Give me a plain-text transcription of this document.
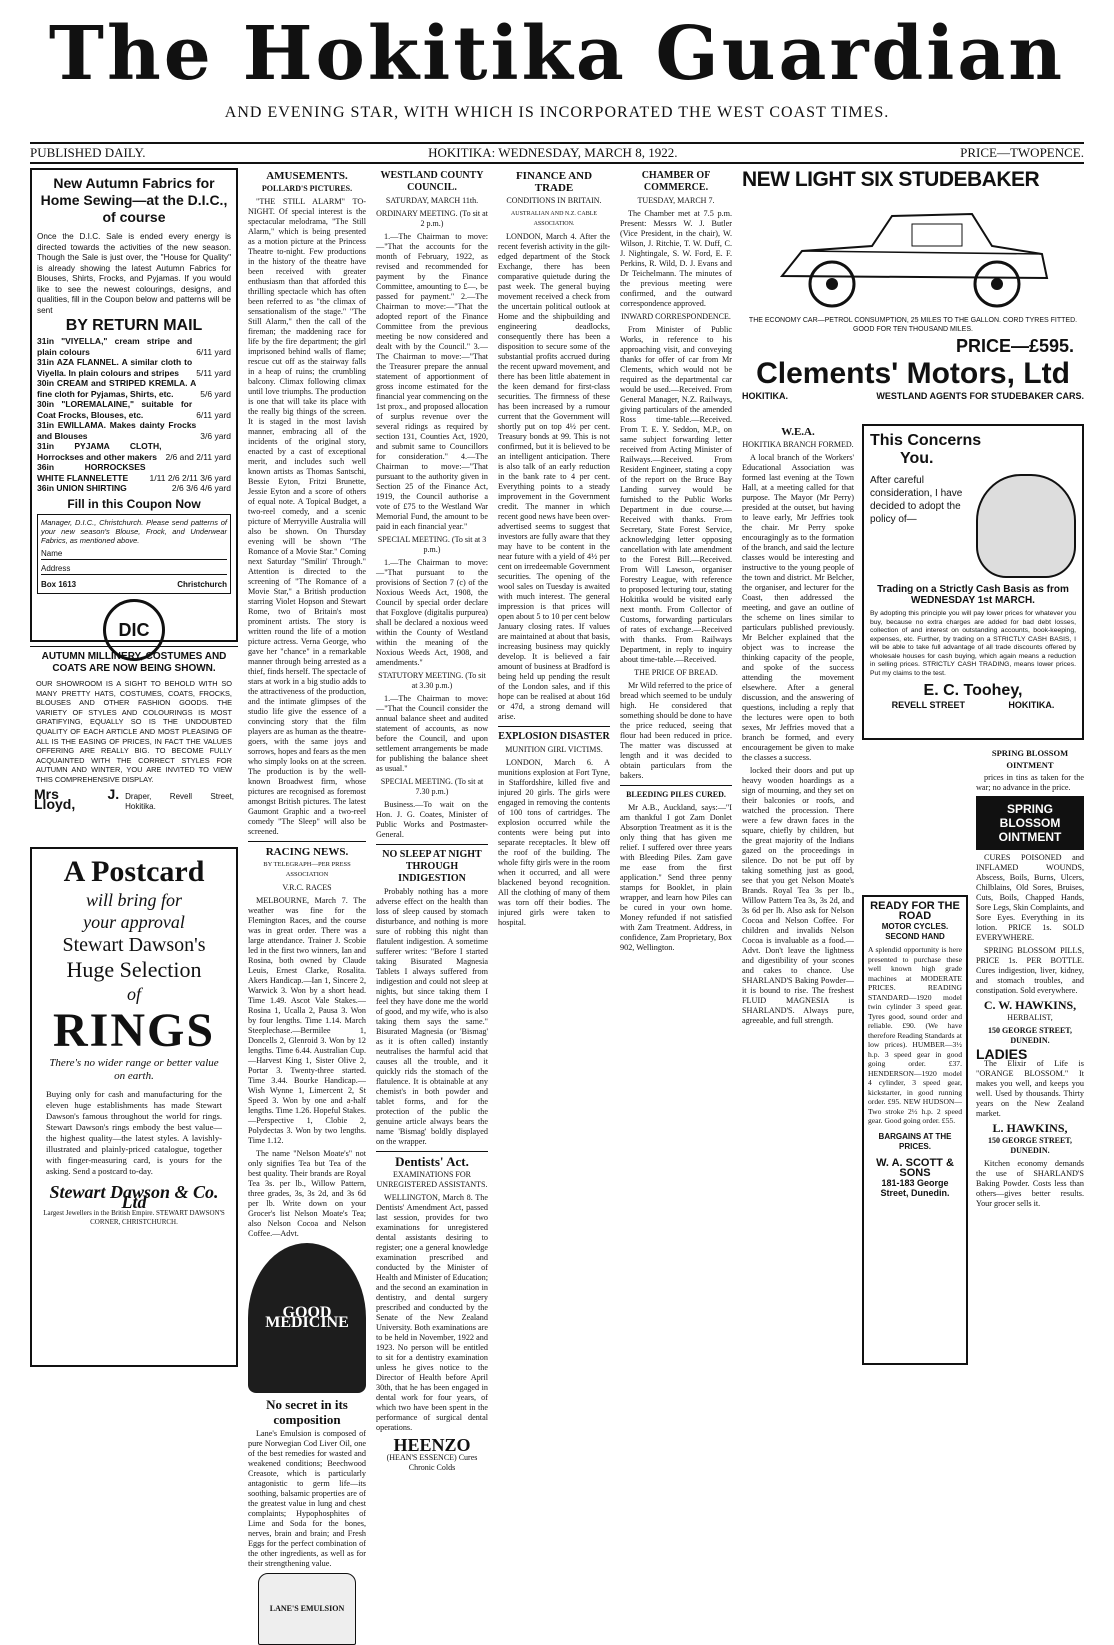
The Hokitika Guardian
AND EVENING STAR, WITH WHICH IS INCORPORATED THE WEST COAST TIMES.
PUBLISHED DAILY.	HOKITIKA: WEDNESDAY, MARCH 8, 1922.	PRICE—TWOPENCE.
New Autumn Fabrics for Home Sewing—at the D.I.C., of course
Once the D.I.C. Sale is ended every energy is directed towards the activities of the new season. Though the Sale is just over, the "House for Quality" is already showing the latest Autumn Fabrics for Blouses, Shirts, Frocks, and Pyjamas. If you would like to see the newest colourings, designs, and qualities, fill in the Coupon below and patterns will be sent
BY RETURN MAIL
31in "VIYELLA," cream stripe and plain colours	6/11 yard
31in AZA FLANNEL. A similar cloth to Viyella. In plain colours and stripes	5/11 yard
30in CREAM and STRIPED KREMLA. A fine cloth for Pyjamas, Shirts, etc.	5/6 yard
30in "LOREMALAINE," suitable for Coat Frocks, Blouses, etc.	6/11 yard
31in EWILLAMA. Makes dainty Frocks and Blouses	3/6 yard
31in PYJAMA CLOTH, Horrockses and other makers 2/6 and 2/11 yard
36in HORROCKSES WHITE FLANNELETTE	1/11 2/6 2/11 3/6 yard
36in UNION SHIRTING	2/6 3/6 4/6 yard
Fill in this Coupon Now
Manager, D.I.C., Christchurch. Please send patterns of your new season's Blouse, Frock, and Underwear Fabrics, as mentioned above.
Name
Address
Box 1613	Christchurch
DIC
AUTUMN MILLINERY, COSTUMES AND COATS ARE NOW BEING SHOWN.
OUR SHOWROOM IS A SIGHT TO BEHOLD WITH SO MANY PRETTY HATS, COSTUMES, COATS, FROCKS, BLOUSES AND OTHER FASHION GOODS. THE VARIETY OF STYLES AND COLOURINGS IS MOST GRATIFYING, EQUALLY SO IS THE UNDOUBTED QUALITY OF EACH ARTICLE AND MOST PLEASING OF ALL IS THE EASING OF PRICES, IN FACT THE VALUES OFFERING ARE REALLY BIG. TO BECOME FULLY ACQUAINTED WITH THE CORRECT STYLES FOR AUTUMN AND WINTER, YOU ARE INVITED TO VIEW THIS COMPREHENSIVE DISPLAY.
Mrs J. Lloyd,	Draper, Revell Street, Hokitika.
A Postcard
will bring for
your approval
Stewart Dawson's
Huge Selection
of
RINGS
There's no wider range or better value on earth.
Buying only for cash and manufacturing for the eleven huge establishments has made Stewart Dawson's famous throughout the world for rings. Stewart Dawson's rings embody the best value—the highest quality—the latest styles. A lavishly-illustrated and plainly-priced catalogue, together with finger-measuring card, is yours for the asking. Send a postcard to-day.
Stewart Dawson & Co. Ltd
Largest Jewellers in the British Empire. STEWART DAWSON'S CORNER, CHRISTCHURCH.
AMUSEMENTS.
POLLARD'S PICTURES.

"THE STILL ALARM" TO-NIGHT. Of special interest is the spectacular melodrama, "The Still Alarm," which is being presented as a motion picture at the Princess Theatre to-night. Few productions in the history of the theatre have been received with greater enthusiasm than that afforded this thrilling spectacle which has often been referred to as "the climax of sensationalism of the stage." "The Still Alarm," then the call of the fireman; the maddening race for life by the fire department; the girl imprisoned behind walls of flame; rescue cut off as the stairway falls in a heap of ruins; the crumbling balcony. Climax following climax until love triumphs. The production is one that will take its place with the really big things of the screen. It is staged in the most lavish manner, embracing all of the incidents of the original story, enacted by a cast of exceptional merit, and includes such well known artists as Thomas Santschi, Bessie Eyton, Fritzi Brunette, Jessie Eyton and a score of others of equal note. A Topical Budget, a two-reel comedy, and a scenic picture of Merryville Australia will also be shown. On Thursday evening will be shown "The Romance of a Movie Star." Coming next Saturday "Smilin' Through." Attention is directed to the screening of "The Romance of a Movie Star," a British production starring Violet Hopson and Stewart Rome, two of Britain's most prominent artists. The story is written round the life of a motion picture actress. Verna George, who gave her "chance" in a remarkable manner through being arrested as a thief, finds herself. The spectacle of stars at work in a big studio adds to the attractiveness of the production, and the intimate glimpses of the studio life give the essence of a convincing story that the film players are as human as the theatre-goers, with the same joys and sorrows, hopes and fears as the men who simply looks on at the screen. The production is by the well-known Broadwest firm, whose pictures are recognised as foremost amongst British pictures. The latest Gaumont Graphic and a two-reel comedy "The Sleep" will also be screened.

RACING NEWS.
BY TELEGRAPH—PER PRESS ASSOCIATION
V.R.C. RACES

MELBOURNE, March 7. The weather was fine for the Flemington Races, and the course was in great order. There was a large attendance. Trainer J. Scobie led in the first two winners, Ian and Rosina, both owned by Claude Leuis, Ernest Clarke, Rosalita. Akers Handicap.—Ian 1, Sincere 2, Warwick 3. Won by a short head. Time 1.49. Ascot Vale Stakes.—Rosina 1, Ucalla 2, Pausa 3. Won by four lengths. Time 1.14. March Steeplechase.—Bermilee 1, Doncells 2, Glenroid 3. Won by 12 lengths. Time 6.44. Australian Cup.—Harvest King 1, Sister Olive 2, Portar 3. Twenty-three started. Time 3.44. Bourke Handicap.—Wish Wynne 1, Limercent 2, St Speed 3. Won by one and a-half lengths. Time 1.26. Hopeful Stakes.—Perspective 1, Clobie 2, Polydectas 3. Won by two lengths. Time 1.12.

The name "Nelson Moate's" not only signifies Tea but Tea of the best quality. Their brands are Royal Tea 3s. per lb., Willow Pattern, three grades, 3s, 3s 2d, and 3s 6d per lb. Write down on your Grocer's list Nelson Moate's Tea; also Nelson Cocoa and Nelson Coffee.—Advt.

GOOD MEDICINE
No secret in its composition

Lane's Emulsion is composed of pure Norwegian Cod Liver Oil, one of the best remedies for wasted and weakened conditions; Beechwood Creasote, which is particularly antagonistic to germ life—its soothing, balsamic properties are of the greatest value in lung and chest complaints; Hypophosphites of Lime and Soda for the bones, nerves, brain and brain; and Fresh Eggs for the perfect combination of the other ingredients, as well as for their strengthening value.

LANE'S EMULSION
WESTLAND COUNTY COUNCIL.
SATURDAY, MARCH 11th.
ORDINARY MEETING. (To sit at 2 p.m.)

1.—The Chairman to move:—"That the accounts for the month of February, 1922, as revised and recommended for payment by the Finance Committee, amounting to £—, be passed for payment." 2.—The Chairman to move:—"That the adopted report of the Finance Committee from the previous meeting be now considered and dealt with by the Council." 3.—The Chairman to move:—"That the Treasurer prepare the annual statement of apportionment of gross income estimated for the financial year commencing on the 1st prox., and proposed allocation of surplus revenue over the several ridings as required by section 131, Counties Act, 1920, and submit same to Councillors for consideration." 4.—The Chairman to move:—"That pursuant to the authority given in Section 25 of the Finance Act, 1919, the Council authorise a vote of £75 to the Westland War Memorial Fund, the amount to be paid in each financial year."

SPECIAL MEETING. (To sit at 3 p.m.)

1.—The Chairman to move:—"That pursuant to the provisions of Section 7 (c) of the Noxious Weeds Act, 1908, the Council by special order declare that Foxglove (digitalis purpurea) shall be declared a noxious weed within the County of Westland within the meaning of the Noxious Weeds Act, 1908, and amendments."

STATUTORY MEETING. (To sit at 3.30 p.m.)

1.—The Chairman to move:—"That the Council consider the annual balance sheet and audited statement of accounts, as now before the Council, and upon settlement arrangements be made for publishing the balance sheet as usual."

SPECIAL MEETING. (To sit at 7.30 p.m.)

Business.—To wait on the Hon. J. G. Coates, Minister of Public Works and Postmaster-General.

NO SLEEP AT NIGHT THROUGH INDIGESTION

Probably nothing has a more adverse effect on the health than loss of sleep caused by stomach disturbance, and nothing is more sure of robbing this night than flatulent indigestion. A sometime sufferer writes: "Before I started taking Bisurated Magnesia Tablets I always suffered from indigestion and could not sleep at nights, but since taking them I feel they have done me the world of good, and my wife, who is also taking them says the same." Bisurated Magnesia (or 'Bismag' as it is often called) instantly neutralises the harmful acid that causes all the trouble, and it quickly rids the stomach of the flatulence. It is obtainable at any chemist's in both powder and tablet forms, and for the protection of the public the genuine article always bears the name 'Bismag' boldly displayed on the wrapper.

Dentists' Act.
EXAMINATIONS FOR UNREGISTERED ASSISTANTS.

WELLINGTON, March 8. The Dentists' Amendment Act, passed last session, provides for two examinations for unregistered dental assistants desiring to register; one a general knowledge examination prescribed and conducted by the Minister of Health and Minister of Education; and the second an examination in dentistry, and dental surgery prescribed and conducted by the Senate of the New Zealand University. Both examinations are to be held in November, 1922 and 1923. No person will be entitled to sit for a dentistry examination unless he gives notice to the Director of Health before April 30th, that he has been engaged in dental work for four years, of which two have been spent in the performance of surgical dental operations.

HEENZO
(HEAN'S ESSENCE) Cures Chronic Colds
FINANCE AND TRADE
CONDITIONS IN BRITAIN.
AUSTRALIAN AND N.Z. CABLE ASSOCIATION.

LONDON, March 4. After the recent feverish activity in the gilt-edged department of the Stock Exchange, there has been comparative quietude during the past week. The general buying movement received a check from the uncertain political outlook at Home and the shipbuilding and engineering deadlocks, consequently there has been a disposition to secure some of the substantial profits accrued during the recent upward movement, and there has been little abatement in the keen demand for first-class securities. The firmness of these has been increased by a rumour current that the Government will shortly put on top 4½ per cent. Treasury bonds at 99. This is not confirmed, but it is believed to be an intelligent anticipation. There is also talk of an early reduction in the bank rate to 4 per cent. Everything points to a steady improvement in the Government credit. The manner in which recent good news have been over-advertised seems to suggest that investors are fully aware that they may have to be content in the near future with a yield of 4½ per cent on irredeemable Government securities. The opening of the wool sales on Tuesday is awaited with much interest. The general impression is that prices will open about 5 to 10 per cent below January closing rates. If values are maintained at about that basis, increasing business may quickly develop. It is believed a fair amount of business at Bradford is being held up pending the result of the London sales, and if this hope can be realised at about 16d or 47d, a strong demand will arise.

EXPLOSION DISASTER
MUNITION GIRL VICTIMS.

LONDON, March 6. A munitions explosion at Fort Tyne, in Staffordshire, killed five and injured 20 girls. The girls were engaged in removing the contents of 100 tons of cartridges. The explosion occurred while the contents were being put into separate receptacles. It blew off the roof of the building. The whole fifty girls were in the room when it occurred, and all were blackened beyond recognition. All the clothing of many of them was torn off their bodies. The injured girls were taken to hospital.

CHAMBER OF COMMERCE.
TUESDAY, MARCH 7.

The Chamber met at 7.5 p.m. Present: Messrs W. J. Butler (Vice President, in the chair), W. Wilson, J. Ritchie, T. W. Duff, C. J. Nightingale, S. W. Ford, E. F. Perkins, R. Wild, D. J. Evans and Dr Teichelmann. The minutes of the previous meeting were confirmed, and the outward correspondence approved.

INWARD CORRESPONDENCE.

From Minister of Public Works, in reference to his approaching visit, and conveying thanks for offer of car from Mr Clements, which would not be required as the departmental car would be used.—Received. From General Manager, N.Z. Railways, giving particulars of the amended Ross time-table.—Received. From T. E. Y. Seddon, M.P., on same subject forwarding letter received from Acting Minister of Railways.—Received. From Resident Engineer, stating a copy of the report on the Bruce Bay Landing survey would be furnished to the Public Works Department in due course.—Received with thanks. From Secretary, State Forest Service, acknowledging letter opposing cancellation with late amendment to the Forest Bill.—Received. From Will Lawson, organiser Forestry League, with reference to proposed lecturing tour, stating Hokitika would be visited early next month. From Collector of Customs, forwarding particulars of rates of exchange.—Received with thanks. From Railways Department, in reply to inquiry about time-table.—Received.

THE PRICE OF BREAD.

Mr Wild referred to the price of bread which seemed to be unduly high. He considered that something should be done to have the price reduced, seeing that flour had been reduced in price. The matter was discussed at length and it was decided to obtain particulars from the bakers.

BLEEDING PILES CURED.

Mr A.B., Auckland, says:—"I am thankful I got Zam Donlet Absorption Treatment as it is the only thing that has given me relief. I suffered over three years with Bleeding Piles. Zam gave me ease from the first application." Send three penny stamps for Booklet, in plain wrapper, and learn how Piles can be cured in your own home. Money refunded if not satisfied with Zam Treatment. Address, in confidence, Zam Proprietary, Box 902, Wellington.

NEW LIGHT SIX STUDEBAKER
THE ECONOMY CAR—PETROL CONSUMPTION, 25 MILES TO THE GALLON. CORD TYRES FITTED. GOOD FOR TEN THOUSAND MILES.
PRICE—£595.
Clements' Motors, Ltd
HOKITIKA.	WESTLAND AGENTS FOR STUDEBAKER CARS.
W.E.A.
HOKITIKA BRANCH FORMED.

A local branch of the Workers' Educational Association was formed last evening at the Town Hall, at a meeting called for that purpose. The Mayor (Mr Perry) presided at the outset, but having to leave early, Mr Jeffries took the chair. Mr Perry spoke encouragingly as to the formation of the branch, and said the lecture classes would be interesting and instructive to the young people of the town and district. Mr Belcher, the organiser, and lecturer for the Coast, then addressed the meeting, and gave an outline of the scheme on lines similar to particulars published previously. Mr Belcher explained that the object was to increase the thinking capacity of the people, and spoke of the success attending the movement elsewhere. After a general discussion, and the answering of questions, including a reply that the lectures were open to both sexes, Mr Jeffries moved that a branch be formed, and every encouragement be given to make the classes a success.

locked their doors and put up heavy wooden hoardings as a sign of mourning, and they set on their balconies or roofs, and watched the procession. There were a few drawn faces in the square, chiefly by children, but the great majority of the Indians gazed on the proceedings in silence. Do not be put off by taking something just as good, see that you get Nelson Moate's Brands. Royal Tea 3s per lb., Willow Pattern Tea 3s, 3s 2d, and 3s 6d per lb. Also ask for Nelson Cocoa and Nelson Coffee. For children and invalids Nelson Cocoa is invaluable as a food.—Advt. Don't leave the lightness and digestibility of your scones and cakes to chance. Use SHARLAND'S Baking Powder—it is bound to rise. The freshest FLUID MAGNESIA is SHARLAND'S. Always pure, agreeable, and full strength.

This Concerns
You.
After careful consideration, I have decided to adopt the policy of—
Trading on a Strictly Cash Basis as from WEDNESDAY 1st MARCH.
By adopting this principle you will pay lower prices for whatever you buy, because no extra charges are added for bad debt losses, collection of and interest on outstanding accounts, book-keeping, expenses, etc. Further, by trading on a STRICTLY CASH BASIS, I will be able to take full advantage of all trade discounts offered by wholesale houses for cash buying, which again means a reduction in selling prices. STRICTLY CASH TRADING, means lower prices. Put my claims to the test.
E. C. Toohey,
REVELL STREET	HOKITIKA.
READY FOR THE ROAD
MOTOR CYCLES. SECOND HAND
A splendid opportunity is here presented to purchase these well known high grade machines at MODERATE PRICES. READING STANDARD—1920 model twin cylinder 3 speed gear. Tyres good, sound order and reliable. £90. (We have therefore Reading Standards at low prices). HUMBER—3½ h.p. 3 speed gear in good going order. £37. HENDERSON—1920 model 4 cylinder, 3 speed gear, kickstarter, in good running order. £95. NEW HUDSON—Two stroke 2½ h.p. 2 speed gear. Good going order. £55.
BARGAINS AT THE PRICES.
W. A. SCOTT & SONS
181-183 George Street, Dunedin.
SPRING BLOSSOM OINTMENT

prices in tins as taken for the war; no advance in the price.

SPRING BLOSSOM OINTMENT

CURES POISONED and INFLAMED WOUNDS, Abscess, Boils, Burns, Ulcers, Chilblains, Old Sores, Bruises, Cuts, Boils, Chapped Hands, Sore Legs, Skin Complaints, and Sore Eyes. Everything in its lotion. PRICE 1s. SOLD EVERYWHERE.

SPRING BLOSSOM PILLS, PRICE 1s. PER BOTTLE. Cures indigestion, liver, kidney, and stomach troubles, and constipation. Sold everywhere.

C. W. HAWKINS,
HERBALIST,
150 GEORGE STREET, DUNEDIN.
LADIES

The Elixir of Life is "ORANGE BLOSSOM." It makes you well, and keeps you well. Used by thousands. Thirty years on the New Zealand market.

L. HAWKINS,
150 GEORGE STREET, DUNEDIN.

Kitchen economy demands the use of SHARLAND'S Baking Powder. Costs less than others—gives better results. Your grocer sells it.
